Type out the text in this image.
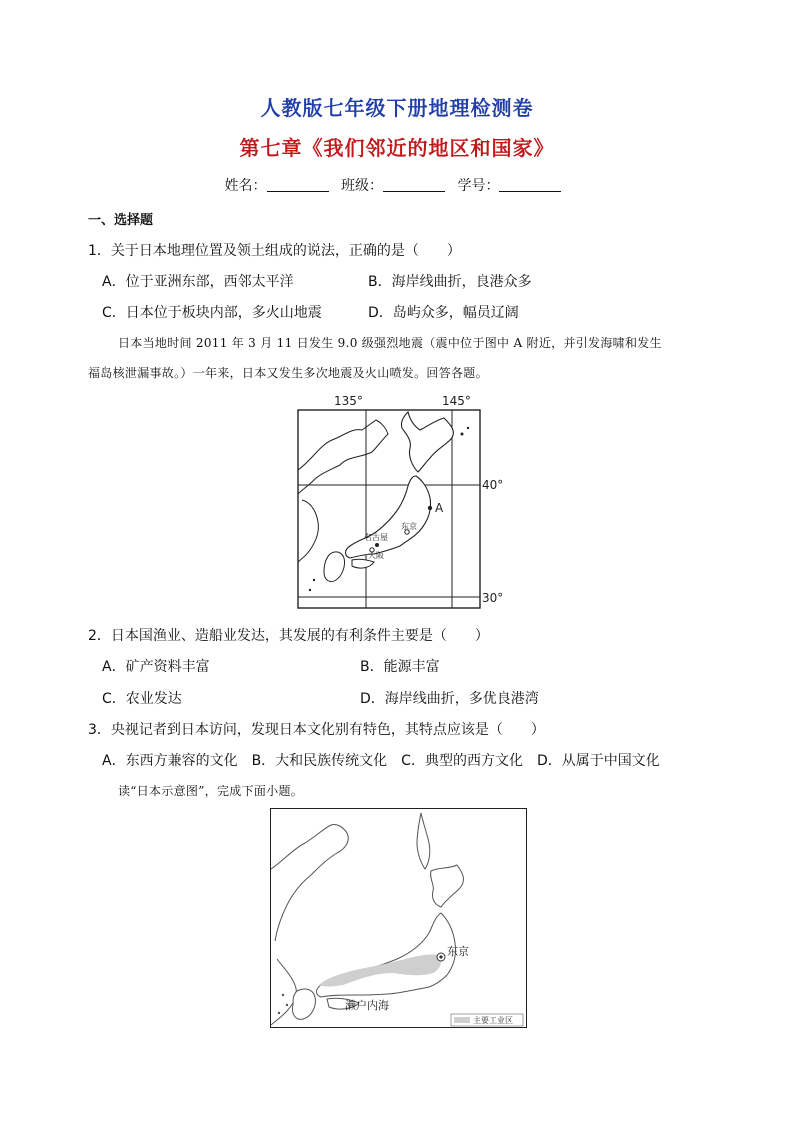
人教版七年级下册地理检测卷
第七章《我们邻近的地区和国家》
姓名：	班级：	学号：
一、选择题
1．关于日本地理位置及领土组成的说法，正确的是（　　）
A．位于亚洲东部，西邻太平洋	B．海岸线曲折，良港众多
C．日本位于板块内部，多火山地震	D．岛屿众多，幅员辽阔
日本当地时间 2011 年 3 月 11 日发生 9.0 级强烈地震（震中位于图中 A 附近，并引发海啸和发生
福岛核泄漏事故。）一年来，日本又发生多次地震及火山喷发。回答各题。
135°	145°
40°
30°
A
东京
名古屋
大阪
2．日本国渔业、造船业发达，其发展的有利条件主要是（　　）
A．矿产资料丰富	B．能源丰富
C．农业发达	D．海岸线曲折，多优良港湾
3．央视记者到日本访问，发现日本文化别有特色，其特点应该是（　　）
A．东西方兼容的文化　B．大和民族传统文化　C．典型的西方文化　D．从属于中国文化
读“日本示意图”，完成下面小题。
东京
濑户内海
主要工业区
